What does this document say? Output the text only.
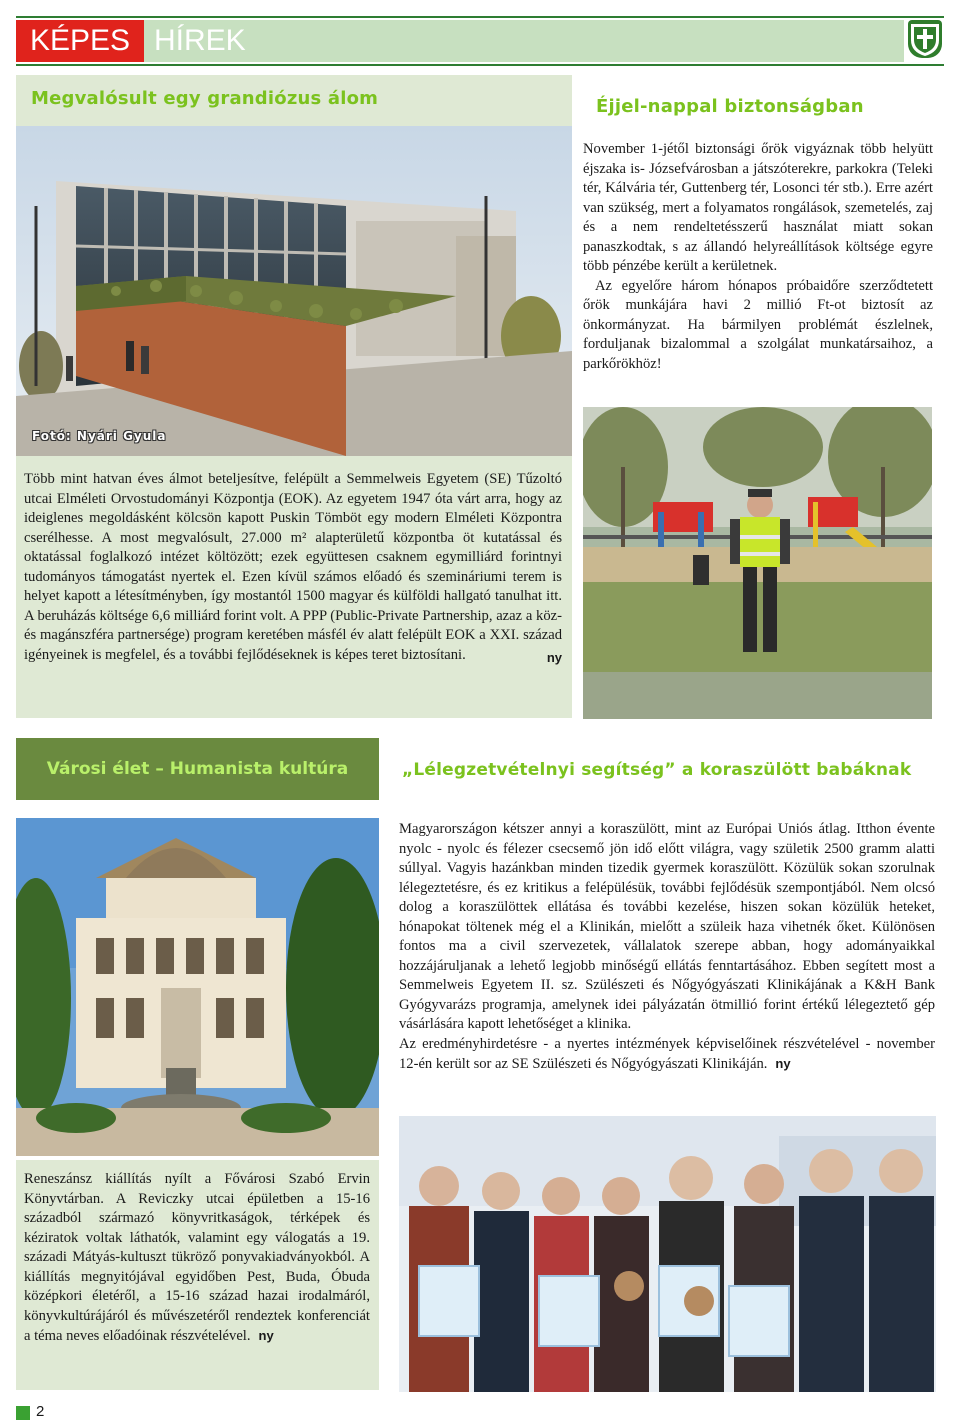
KÉPES HÍREK
Megvalósult egy grandiózus álom
Fotó: Nyári Gyula

Több mint hatvan éves álmot beteljesítve, felépült a Semmelweis Egyetem (SE) Tűzoltó utcai Elméleti Orvostudományi Központja (EOK). Az egyetem 1947 óta várt arra, hogy az ideiglenes megoldásként kölcsön kapott Puskin Tömböt egy modern Elméleti Központra cserélhesse. A most megvalósult, 27.000 m² alapterületű központba öt kutatással és oktatással foglalkozó intézet költözött; ezek együttesen csaknem egymilliárd forintnyi tudományos támogatást nyertek el. Ezen kívül számos előadó és szemináriumi terem is helyet kapott a létesítményben, így mostantól 1500 magyar és külföldi hallgató tanulhat itt. A beruházás költsége 6,6 milliárd forint volt. A PPP (Public-Private Partnership, azaz a köz- és magánszféra partnersége) program keretében másfél év alatt felépült EOK a XXI. század igényeinek is megfelel, és a további fejlődéseknek is képes teret biztosítani.	ny

Éjjel-nappal biztonságban

November 1-jétől biztonsági őrök vigyáznak több helyütt éjszaka is- Józsefvárosban a játszóterekre, parkokra (Teleki tér, Kálvária tér, Guttenberg tér, Losonci tér stb.). Erre azért van szükség, mert a folyamatos rongálások, szemetelés, zaj és a nem rendeltetésszerű használat miatt sokan panaszkodtak, s az állandó helyreállítások költsége egyre több pénzébe került a kerületnek.

Az egyelőre három hónapos próbaidőre szerződtetett őrök munkájára havi 2 millió Ft-ot biztosít az önkormányzat. Ha bármilyen problémát észlelnek, forduljanak bizalommal a szolgálat munkatársaihoz, a parkőrökhöz!

Városi élet – Humanista kultúra	„Lélegzetvételnyi segítség” a koraszülött babáknak

Magyarországon kétszer annyi a koraszülött, mint az Európai Uniós átlag. Itthon évente nyolc - nyolc és félezer csecsemő jön idő előtt világra, vagy születik 2500 gramm alatti súllyal. Vagyis hazánkban minden tizedik gyermek koraszülött. Közülük sokan szorulnak lélegeztetésre, és ez kritikus a felépülésük, további fejlődésük szempontjából. Nem olcsó dolog a koraszülöttek ellátása és további kezelése, hiszen sokan közülük heteket, hónapokat töltenek még el a Klinikán, mielőtt a szüleik haza vihetnék őket. Különösen fontos ma a civil szervezetek, vállalatok szerepe abban, hogy adományaikkal hozzájáruljanak a lehető legjobb minőségű ellátás fenntartásához. Ebben segített most a Semmelweis Egyetem II. sz. Szülészeti és Nőgyógyászati Klinikájának a K&H Bank Gyógyvarázs programja, amelynek idei pályázatán ötmillió forint értékű lélegeztető gép vásárlására kapott lehetőséget a klinika.

Az eredményhirdetésre - a nyertes intézmények képviselőinek részvételével - november 12-én került sor az SE Szülészeti és Nőgyógyászati Klinikáján. ny

Reneszánsz kiállítás nyílt a Fővárosi Szabó Ervin Könyvtárban. A Reviczky utcai épületben a 15-16 századból származó könyvritkaságok, térképek és kéziratok voltak láthatók, valamint egy válogatás a 19. századi Mátyás-kultuszt tükröző ponyvakiadványokból. A kiállítás megnyitójával egyidőben Pest, Buda, Óbuda középkori életéről, a 15-16 század hazai irodalmáról, könyvkultúrájáról és művészetéről rendeztek konferenciát a téma neves előadóinak részvételével. ny

2
